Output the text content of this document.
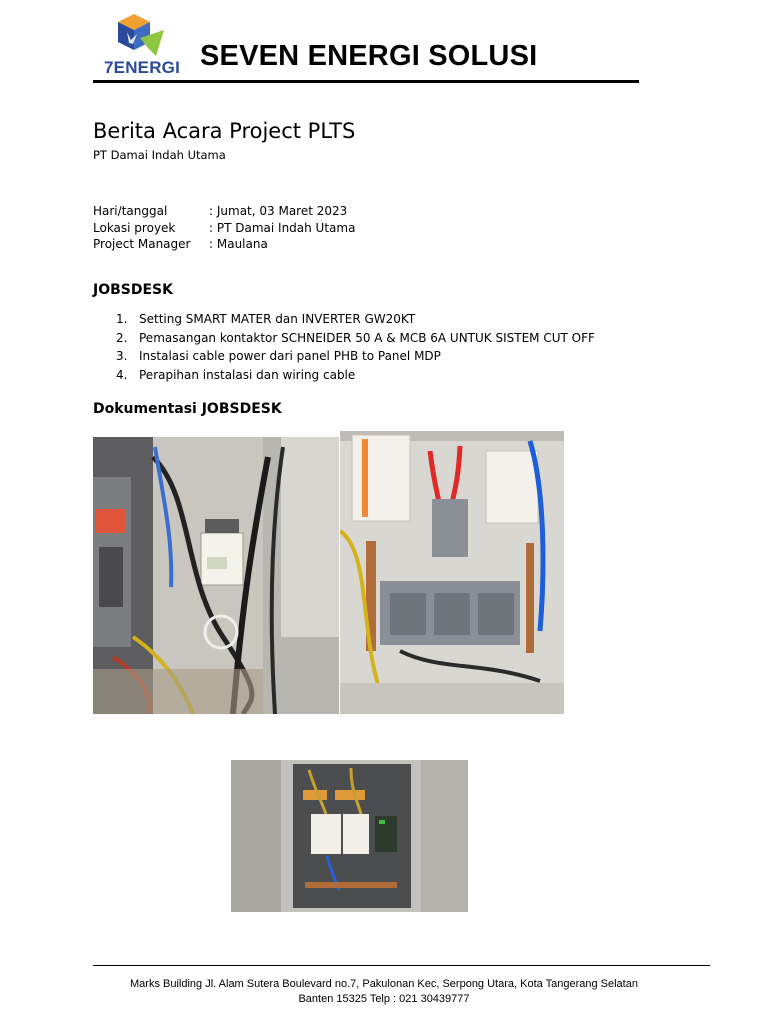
7ENERGI SEVEN ENERGI SOLUSI
Berita Acara Project PLTS
PT Damai Indah Utama
Hari/tanggal	: Jumat, 03 Maret 2023
Lokasi proyek	: PT Damai Indah Utama
Project Manager : Maulana
JOBSDESK
1. Setting SMART MATER dan INVERTER GW20KT
2. Pemasangan kontaktor SCHNEIDER 50 A & MCB 6A UNTUK SISTEM CUT OFF
3. Instalasi cable power dari panel PHB to Panel MDP
4. Perapihan instalasi dan wiring cable
Dokumentasi JOBSDESK
Marks Building Jl. Alam Sutera Boulevard no.7, Pakulonan Kec, Serpong Utara, Kota Tangerang Selatan
Banten 15325 Telp : 021 30439777
